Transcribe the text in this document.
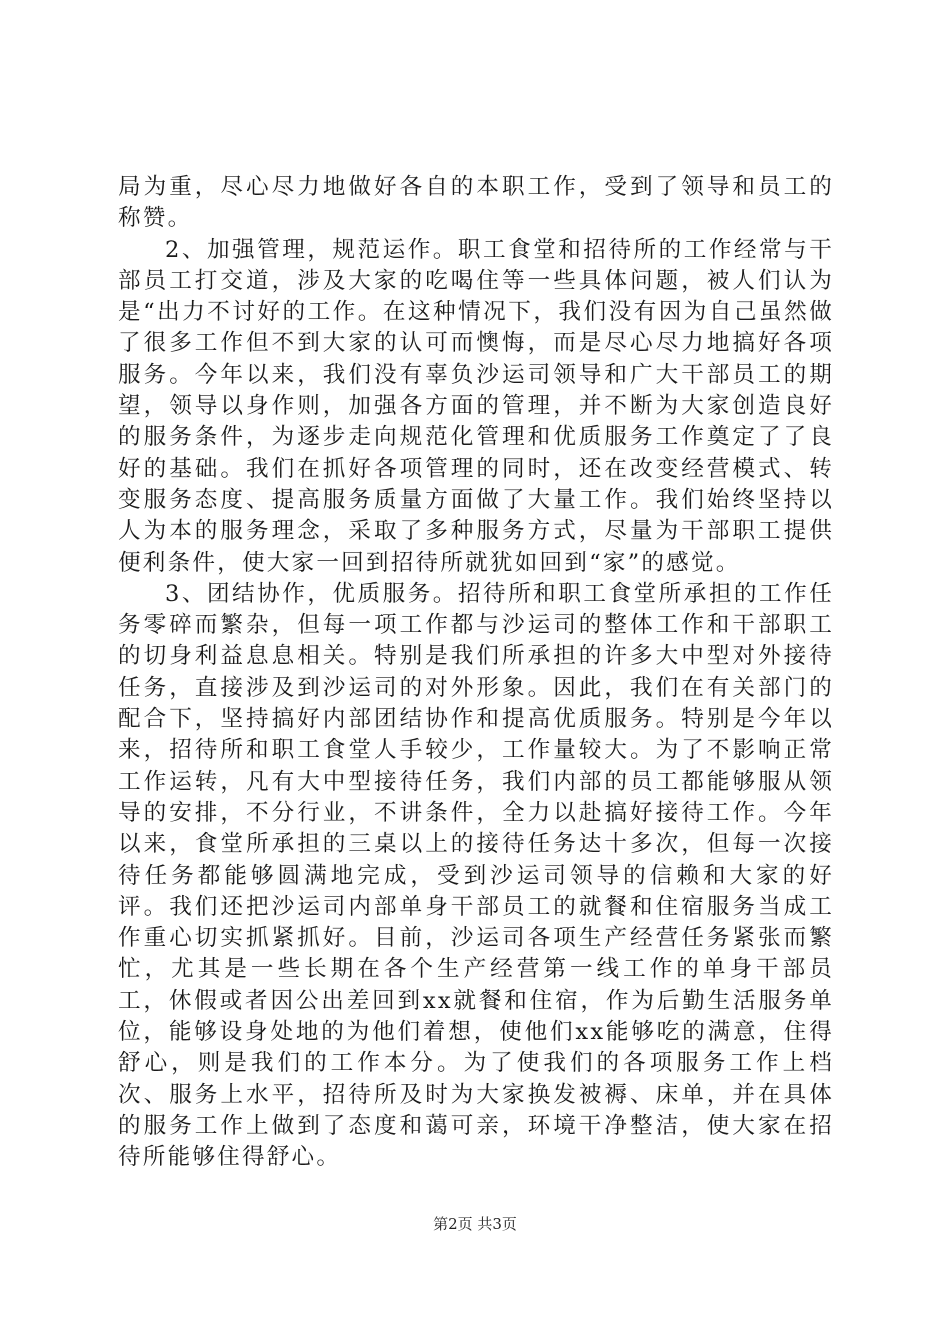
局为重，尽心尽力地做好各自的本职工作，受到了领导和员工的称赞。

2、加强管理，规范运作。职工食堂和招待所的工作经常与干部员工打交道，涉及大家的吃喝住等一些具体问题，被人们认为是“出力不讨好的工作。在这种情况下，我们没有因为自己虽然做了很多工作但不到大家的认可而懊悔，而是尽心尽力地搞好各项服务。今年以来，我们没有辜负沙运司领导和广大干部员工的期望，领导以身作则，加强各方面的管理，并不断为大家创造良好的服务条件，为逐步走向规范化管理和优质服务工作奠定了了良好的基础。我们在抓好各项管理的同时，还在改变经营模式、转变服务态度、提高服务质量方面做了大量工作。我们始终坚持以人为本的服务理念，采取了多种服务方式，尽量为干部职工提供便利条件，使大家一回到招待所就犹如回到“家”的感觉。

3、团结协作，优质服务。招待所和职工食堂所承担的工作任务零碎而繁杂，但每一项工作都与沙运司的整体工作和干部职工的切身利益息息相关。特别是我们所承担的许多大中型对外接待任务，直接涉及到沙运司的对外形象。因此，我们在有关部门的配合下，坚持搞好内部团结协作和提高优质服务。特别是今年以来，招待所和职工食堂人手较少，工作量较大。为了不影响正常工作运转，凡有大中型接待任务，我们内部的员工都能够服从领导的安排，不分行业，不讲条件，全力以赴搞好接待工作。今年以来，食堂所承担的三桌以上的接待任务达十多次，但每一次接待任务都能够圆满地完成，受到沙运司领导的信赖和大家的好评。我们还把沙运司内部单身干部员工的就餐和住宿服务当成工作重心切实抓紧抓好。目前，沙运司各项生产经营任务紧张而繁忙，尤其是一些长期在各个生产经营第一线工作的单身干部员工，休假或者因公出差回到xx就餐和住宿，作为后勤生活服务单位，能够设身处地的为他们着想，使他们xx能够吃的满意，住得舒心，则是我们的工作本分。为了使我们的各项服务工作上档次、服务上水平，招待所及时为大家换发被褥、床单，并在具体的服务工作上做到了态度和蔼可亲，环境干净整洁，使大家在招待所能够住得舒心。

第2页 共3页
